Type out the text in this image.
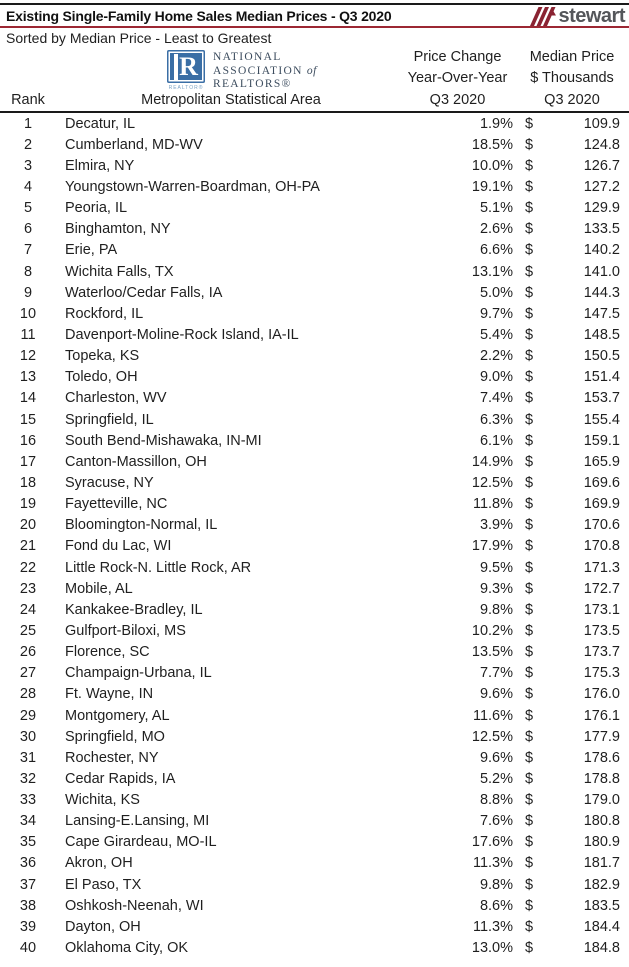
Existing Single-Family Home Sales Median Prices - Q3 2020	stewart
Sorted by Median Price - Least to Greatest
R
REALTOR®
NATIONAL
ASSOCIATION of
REALTORS®
Price Change
Year-Over-Year
Q3 2020
Median Price
$ Thousands
Q3 2020
Rank	Metropolitan Statistical Area
1	Decatur, IL	1.9% $	109.9
2	Cumberland, MD-WV	18.5% $	124.8
3	Elmira, NY	10.0% $	126.7
4	Youngstown-Warren-Boardman, OH-PA	19.1% $	127.2
5	Peoria, IL	5.1% $	129.9
6	Binghamton, NY	2.6% $	133.5
7	Erie, PA	6.6% $	140.2
8	Wichita Falls, TX	13.1% $	141.0
9	Waterloo/Cedar Falls, IA	5.0% $	144.3
10	Rockford, IL	9.7% $	147.5
11	Davenport-Moline-Rock Island, IA-IL	5.4% $	148.5
12	Topeka, KS	2.2% $	150.5
13	Toledo, OH	9.0% $	151.4
14	Charleston, WV	7.4% $	153.7
15	Springfield, IL	6.3% $	155.4
16	South Bend-Mishawaka, IN-MI	6.1% $	159.1
17	Canton-Massillon, OH	14.9% $	165.9
18	Syracuse, NY	12.5% $	169.6
19	Fayetteville, NC	11.8% $	169.9
20	Bloomington-Normal, IL	3.9% $	170.6
21	Fond du Lac, WI	17.9% $	170.8
22	Little Rock-N. Little Rock, AR	9.5% $	171.3
23	Mobile, AL	9.3% $	172.7
24	Kankakee-Bradley, IL	9.8% $	173.1
25	Gulfport-Biloxi, MS	10.2% $	173.5
26	Florence, SC	13.5% $	173.7
27	Champaign-Urbana, IL	7.7% $	175.3
28	Ft. Wayne, IN	9.6% $	176.0
29	Montgomery, AL	11.6% $	176.1
30	Springfield, MO	12.5% $	177.9
31	Rochester, NY	9.6% $	178.6
32	Cedar Rapids, IA	5.2% $	178.8
33	Wichita, KS	8.8% $	179.0
34	Lansing-E.Lansing, MI	7.6% $	180.8
35	Cape Girardeau, MO-IL	17.6% $	180.9
36	Akron, OH	11.3% $	181.7
37	El Paso, TX	9.8% $	182.9
38	Oshkosh-Neenah, WI	8.6% $	183.5
39	Dayton, OH	11.3% $	184.4
40	Oklahoma City, OK	13.0% $	184.8
